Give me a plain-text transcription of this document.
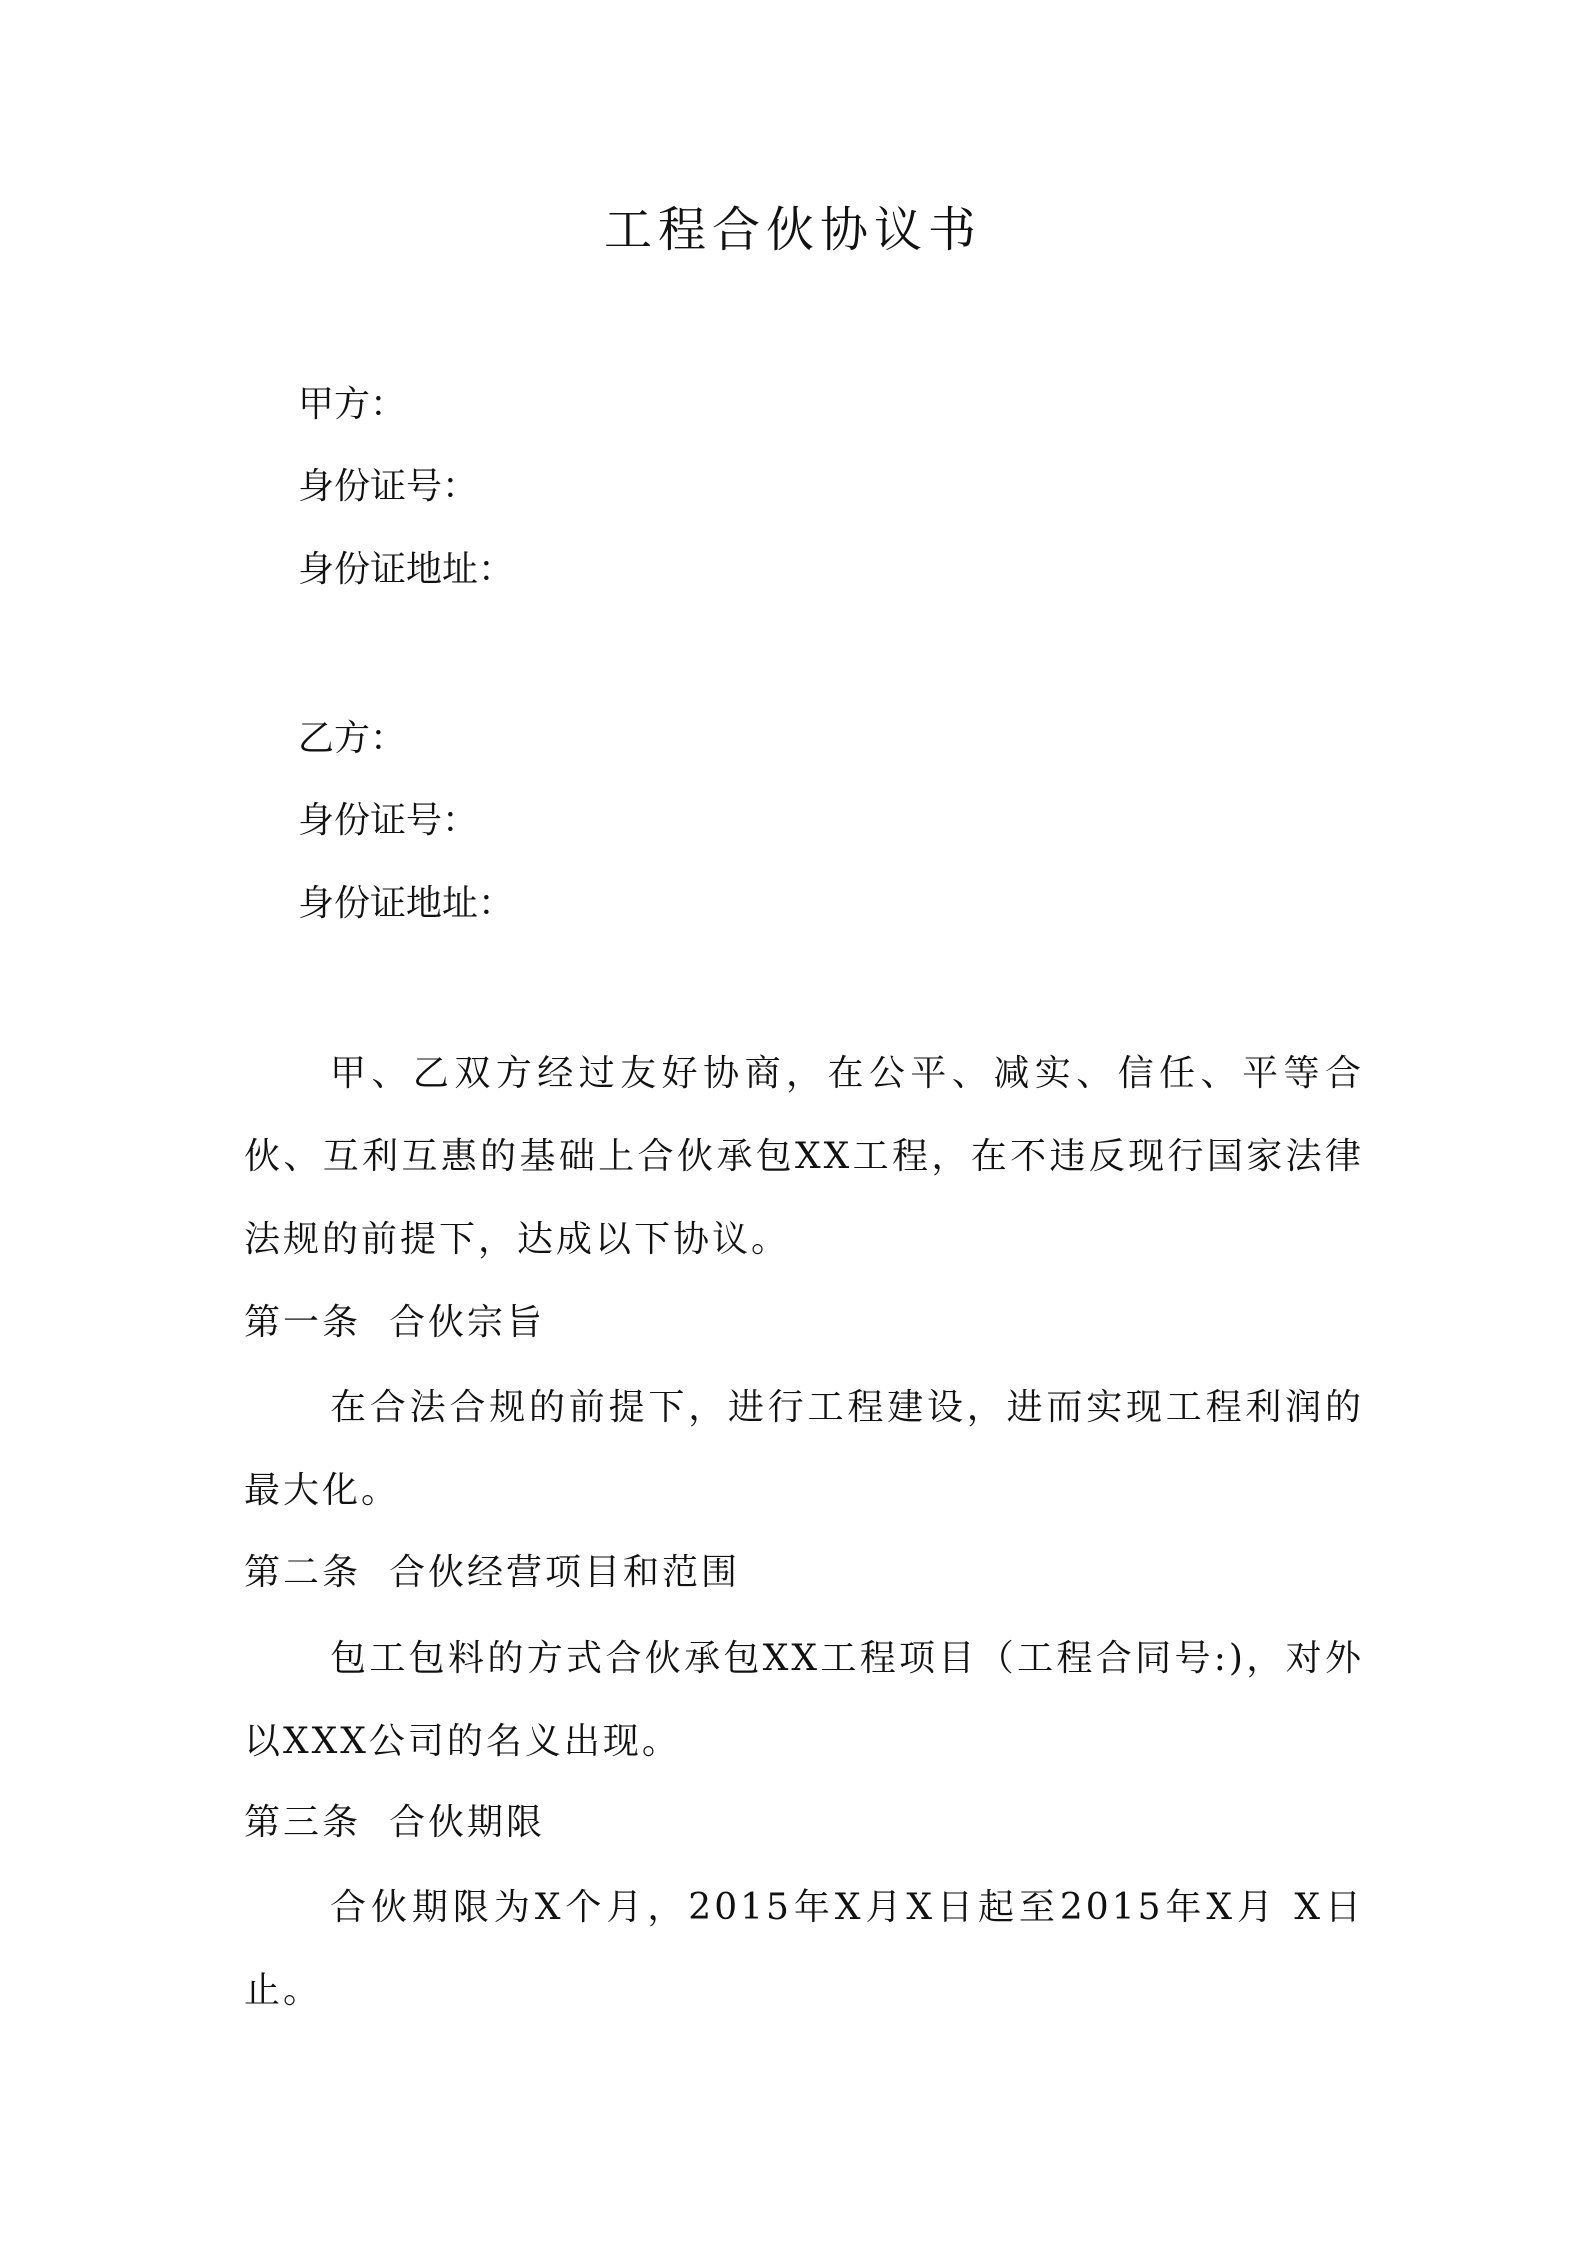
工程合伙协议书
甲方：
身份证号：
身份证地址：
乙方：
身份证号：
身份证地址：

甲、乙双方经过友好协商，在公平、减实、信任、平等合伙、互利互惠的基础上合伙承包XX工程，在不违反现行国家法律法规的前提下，达成以下协议。

第一条 合伙宗旨

在合法合规的前提下，进行工程建设，进而实现工程利润的最大化。

第二条 合伙经营项目和范围

包工包料的方式合伙承包XX工程项目（工程合同号:)，对外以XXX公司的名义出现。

第三条 合伙期限

合伙期限为X个月，2015年X月X日起至2015年X月 X日止。
